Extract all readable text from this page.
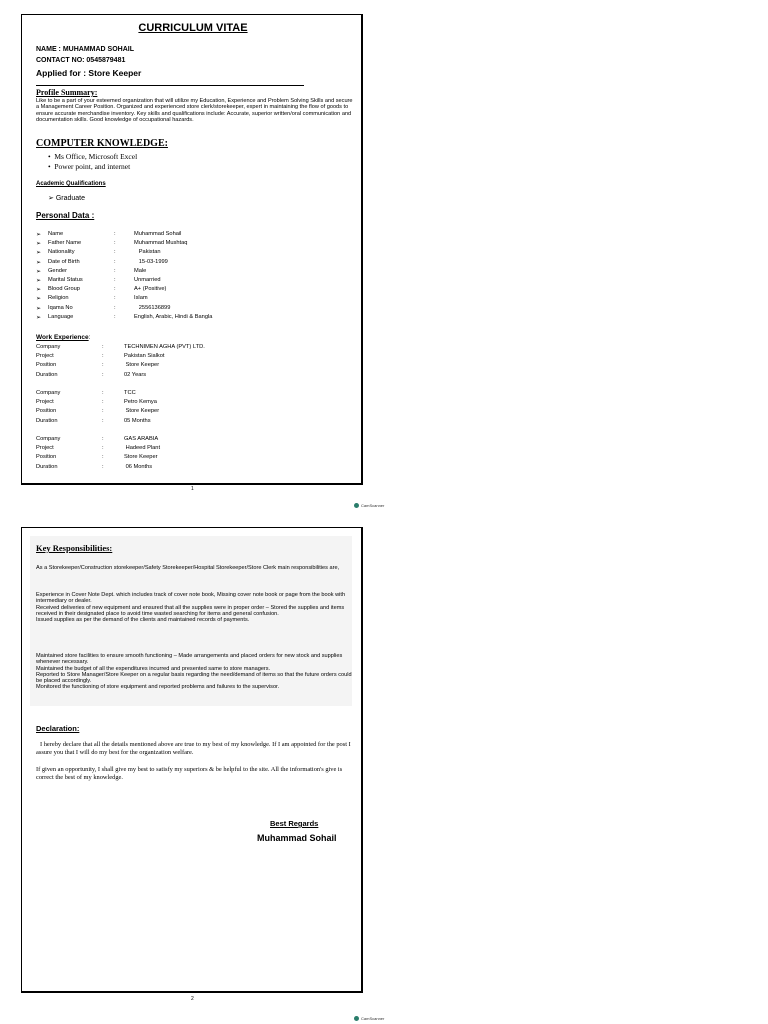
CURRICULUM VITAE
NAME : MUHAMMAD SOHAIL
CONTACT NO: 0545879481
Applied for : Store Keeper
Profile Summary:
Like to be a part of your esteemed organization that will utilize my Education, Experience and Problem Solving Skills and secure a Management Career Position. Organized and experienced store clerk/storekeeper, expert in maintaining the flow of goods to ensure accurate merchandise inventory. Key skills and qualifications include: Accurate, superior written/oral communication and documentation skills. Good knowledge of occupational hazards.
COMPUTER KNOWLEDGE:
•  Ms Office, Microsoft Excel
•  Power point, and internet
Academic Qualifications
➢ Graduate
Personal Data :
➢ Name	:	Muhammad Sohail
➢ Father Name	:	Muhammad Mushtaq
➢ Nationality	:	Pakistan
➢ Date of Birth	:	15-03-1999
➢ Gender	:	Male
➢ Marital Status	:	Unmarried
➢ Blood Group	:	A+ (Positive)
➢ Religion	:	Islam
➢ Iqama No	:	2556136899
➢ Language	:	English, Arabic, Hindi & Bangla
Work Experience:
Company	:	TECHNIMEN AGHA (PVT) LTD.
Project	:	Pakistan Sialkot
Position	:	Store Keeper
Duration	:	02 Years
Company	:	TCC
Project	:	Petro Kemya
Position	:	Store Keeper
Duration	:	05 Months
Company	:	GAS ARABIA
Project	:	Hadeed Plant
Position	:	Store Keeper
Duration	:	06 Months
1
CamScanner
Key Responsibilities:
As a Storekeeper/Construction storekeeper/Safety Storekeeper/Hospital Storekeeper/Store Clerk main responsibilities are,
Experience in Cover Note Dept. which includes track of cover note book, Missing cover note book or page from the book with intermediary or dealer.
Received deliveries of new equipment and ensured that all the supplies were in proper order – Stored the supplies and items received in their designated place to avoid time wasted searching for items and general confusion.
Issued supplies as per the demand of the clients and maintained records of payments.
Maintained store facilities to ensure smooth functioning – Made arrangements and placed orders for new stock and supplies whenever necessary.
Maintained the budget of all the expenditures incurred and presented same to store managers.
Reported to Store Manager/Store Keeper on a regular basis regarding the need/demand of items so that the future orders could be placed accordingly.
Monitored the functioning of store equipment and reported problems and failures to the supervisor.
Declaration:
I hereby declare that all the details mentioned above are true to my best of my knowledge. If I am appointed for the post I assure you that I will do my best for the organization welfare.
If given an opportunity, I shall give my best to satisfy my superiors & be helpful to the site. All the information's give is correct the best of my knowledge.
Best Regards
Muhammad Sohail
2
CamScanner
